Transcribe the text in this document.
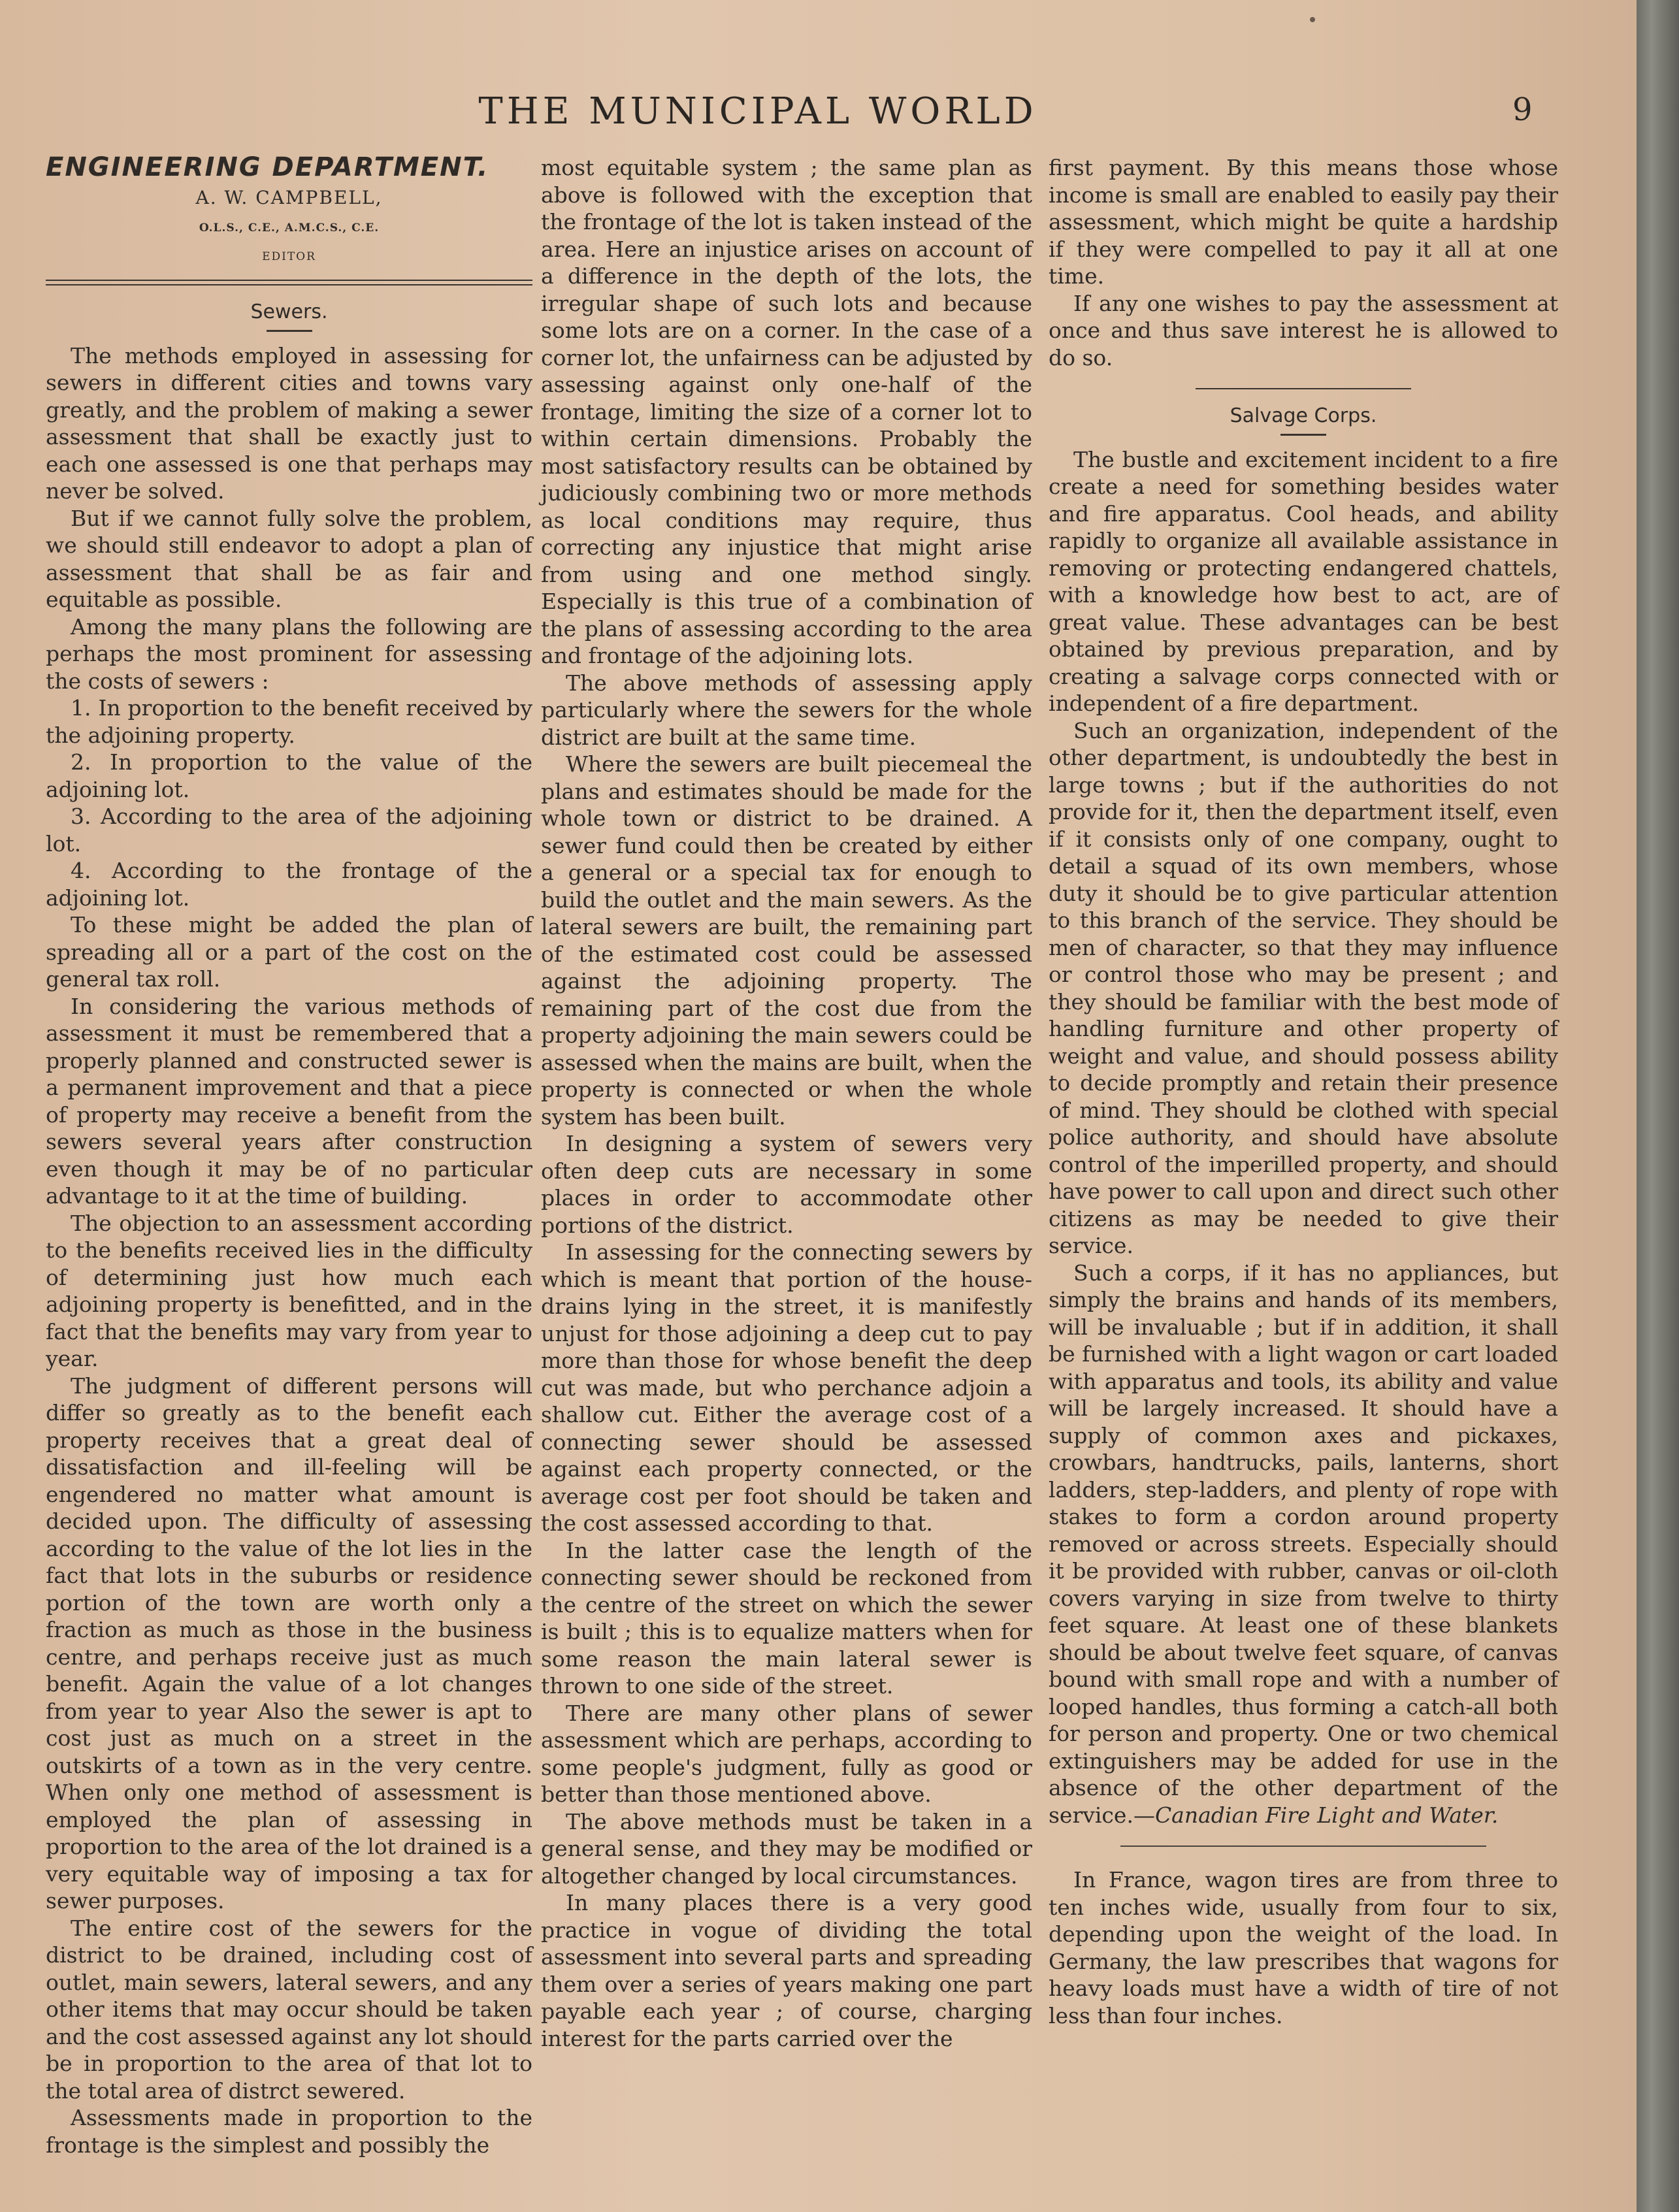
THE MUNICIPAL WORLD	9

ENGINEERING DEPARTMENT.

A. W. CAMPBELL,
O.L.S., C.E., A.M.C.S., C.E.
EDITOR
Sewers.

The methods employed in assessing for sewers in different cities and towns vary greatly, and the problem of making a sewer assessment that shall be exactly just to each one assessed is one that perhaps may never be solved.

But if we cannot fully solve the problem, we should still endeavor to adopt a plan of assessment that shall be as fair and equitable as possible.

Among the many plans the following are perhaps the most prominent for assessing the costs of sewers :

1. In proportion to the benefit received by the adjoining property.

2. In proportion to the value of the adjoining lot.

3. According to the area of the adjoining lot.

4. According to the frontage of the adjoining lot.

To these might be added the plan of spreading all or a part of the cost on the general tax roll.

In considering the various methods of assessment it must be remembered that a properly planned and constructed sewer is a permanent improvement and that a piece of property may receive a benefit from the sewers several years after construction even though it may be of no particular advantage to it at the time of building.

The objection to an assessment according to the benefits received lies in the difficulty of determining just how much each adjoining property is benefitted, and in the fact that the benefits may vary from year to year.

The judgment of different persons will differ so greatly as to the benefit each property receives that a great deal of dissatisfaction and ill-feeling will be engendered no matter what amount is decided upon. The difficulty of assessing according to the value of the lot lies in the fact that lots in the suburbs or residence portion of the town are worth only a fraction as much as those in the business centre, and perhaps receive just as much benefit. Again the value of a lot changes from year to year Also the sewer is apt to cost just as much on a street in the outskirts of a town as in the very centre. When only one method of assessment is employed the plan of assessing in proportion to the area of the lot drained is a very equitable way of imposing a tax for sewer purposes.

The entire cost of the sewers for the district to be drained, including cost of outlet, main sewers, lateral sewers, and any other items that may occur should be taken and the cost assessed against any lot should be in proportion to the area of that lot to the total area of distrct sewered.

Assessments made in proportion to the frontage is the simplest and possibly the

most equitable system ; the same plan as above is followed with the exception that the frontage of the lot is taken instead of the area. Here an injustice arises on account of a difference in the depth of the lots, the irregular shape of such lots and because some lots are on a corner. In the case of a corner lot, the unfairness can be adjusted by assessing against only one-half of the frontage, limiting the size of a corner lot to within certain dimensions. Probably the most satisfactory results can be obtained by judiciously combining two or more methods as local conditions may require, thus correcting any injustice that might arise from using and one method singly. Especially is this true of a combination of the plans of assessing according to the area and frontage of the adjoining lots.

The above methods of assessing apply particularly where the sewers for the whole district are built at the same time.

Where the sewers are built piecemeal the plans and estimates should be made for the whole town or district to be drained. A sewer fund could then be created by either a general or a special tax for enough to build the outlet and the main sewers. As the lateral sewers are built, the remaining part of the estimated cost could be assessed against the adjoining property. The remaining part of the cost due from the property adjoining the main sewers could be assessed when the mains are built, when the property is connected or when the whole system has been built.

In designing a system of sewers very often deep cuts are necessary in some places in order to accommodate other portions of the district.

In assessing for the connecting sewers by which is meant that portion of the house-drains lying in the street, it is manifestly unjust for those adjoining a deep cut to pay more than those for whose benefit the deep cut was made, but who perchance adjoin a shallow cut. Either the average cost of a connecting sewer should be assessed against each property connected, or the average cost per foot should be taken and the cost assessed according to that.

In the latter case the length of the connecting sewer should be reckoned from the centre of the street on which the sewer is built ; this is to equalize matters when for some reason the main lateral sewer is thrown to one side of the street.

There are many other plans of sewer assessment which are perhaps, according to some people's judgment, fully as good or better than those mentioned above.

The above methods must be taken in a general sense, and they may be modified or altogether changed by local circumstances.

In many places there is a very good practice in vogue of dividing the total assessment into several parts and spreading them over a series of years making one part payable each year ; of course, charging interest for the parts carried over the

first payment. By this means those whose income is small are enabled to easily pay their assessment, which might be quite a hardship if they were compelled to pay it all at one time.

If any one wishes to pay the assessment at once and thus save interest he is allowed to do so.

Salvage Corps.

The bustle and excitement incident to a fire create a need for something besides water and fire apparatus. Cool heads, and ability rapidly to organize all available assistance in removing or protecting endangered chattels, with a knowledge how best to act, are of great value. These advantages can be best obtained by previous preparation, and by creating a salvage corps connected with or independent of a fire department.

Such an organization, independent of the other department, is undoubtedly the best in large towns ; but if the authorities do not provide for it, then the department itself, even if it consists only of one company, ought to detail a squad of its own members, whose duty it should be to give particular attention to this branch of the service. They should be men of character, so that they may influence or control those who may be present ; and they should be familiar with the best mode of handling furniture and other property of weight and value, and should possess ability to decide promptly and retain their presence of mind. They should be clothed with special police authority, and should have absolute control of the imperilled property, and should have power to call upon and direct such other citizens as may be needed to give their service.

Such a corps, if it has no appliances, but simply the brains and hands of its members, will be invaluable ; but if in addition, it shall be furnished with a light wagon or cart loaded with apparatus and tools, its ability and value will be largely increased. It should have a supply of common axes and pickaxes, crowbars, handtrucks, pails, lanterns, short ladders, step-ladders, and plenty of rope with stakes to form a cordon around property removed or across streets. Especially should it be provided with rubber, canvas or oil-cloth covers varying in size from twelve to thirty feet square. At least one of these blankets should be about twelve feet square, of canvas bound with small rope and with a number of looped handles, thus forming a catch-all both for person and property. One or two chemical extinguishers may be added for use in the absence of the other department of the service.—Canadian Fire Light and Water.

In France, wagon tires are from three to ten inches wide, usually from four to six, depending upon the weight of the load. In Germany, the law prescribes that wagons for heavy loads must have a width of tire of not less than four inches.
